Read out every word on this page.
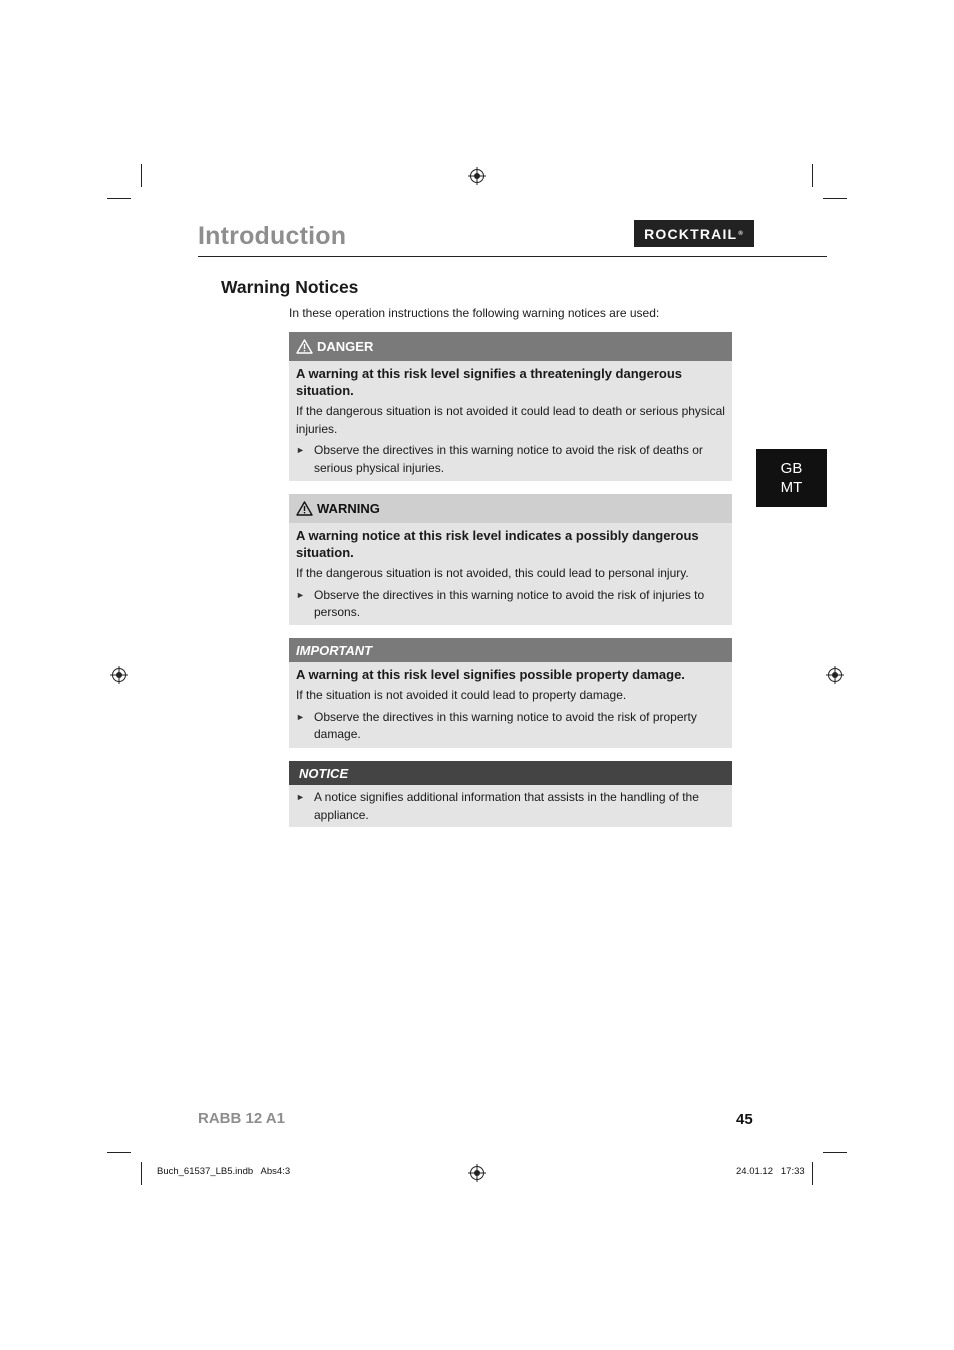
Introduction	ROCKTRAIL ®
Warning Notices
In these operation instructions the following warning notices are used:
GB
MT
DANGER

A warning at this risk level signifies a threateningly dangerous situation.

If the dangerous situation is not avoided it could lead to death or serious physical injuries.

► Observe the directives in this warning notice to avoid the risk of deaths or serious physical injuries.
WARNING

A warning notice at this risk level indicates a possibly dangerous situation.

If the dangerous situation is not avoided, this could lead to personal injury.

► Observe the directives in this warning notice to avoid the risk of injuries to persons.
IMPORTANT

A warning at this risk level signifies possible property damage.

If the situation is not avoided it could lead to property damage.

► Observe the directives in this warning notice to avoid the risk of property damage.
NOTICE
► A notice signifies additional information that assists in the handling of the appliance.
RABB 12 A1	45
Buch_61537_LB5.indb   Abs4:3	24.01.12   17:33
